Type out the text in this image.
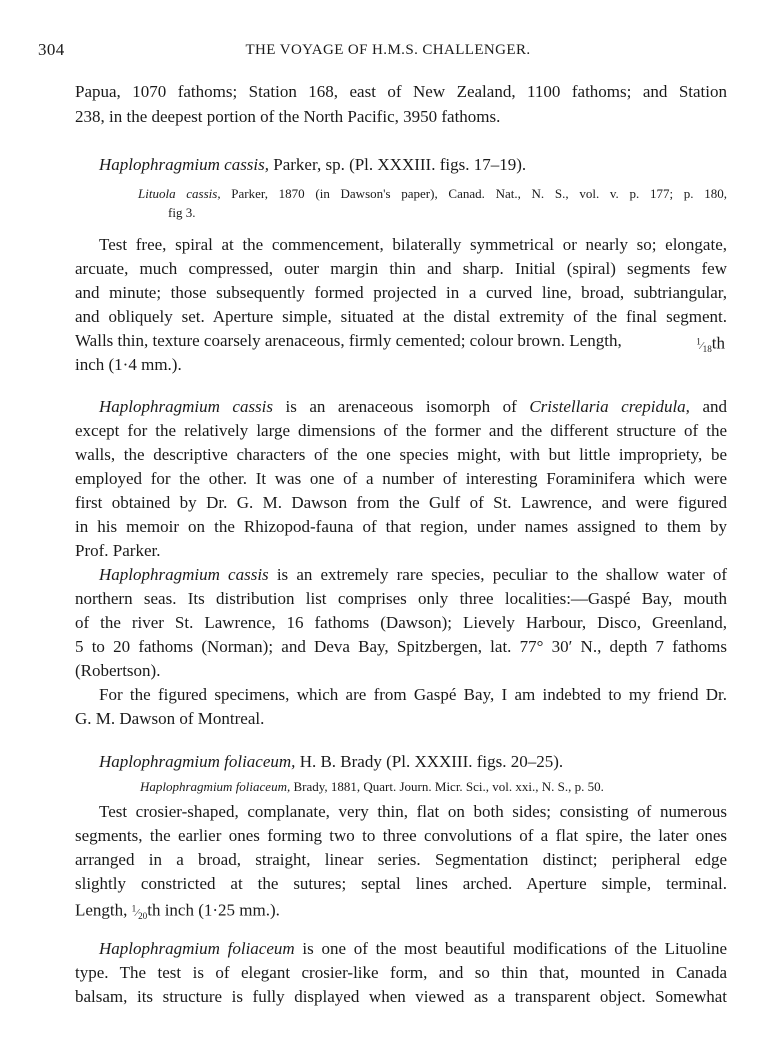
304	THE VOYAGE OF H.M.S. CHALLENGER.
Papua, 1070 fathoms; Station 168, east of New Zealand, 1100 fathoms; and Station
238, in the deepest portion of the North Pacific, 3950 fathoms.
Haplophragmium cassis, Parker, sp. (Pl. XXXIII. figs. 17–19).
Lituola cassis, Parker, 1870 (in Dawson's paper), Canad. Nat., N. S., vol. v. p. 177; p. 180,
fig 3.
Test free, spiral at the commencement, bilaterally symmetrical or nearly so; elongate,
arcuate, much compressed, outer margin thin and sharp. Initial (spiral) segments few
and minute; those subsequently formed projected in a curved line, broad, subtriangular,
and obliquely set. Aperture simple, situated at the distal extremity of the final segment.
Walls thin, texture coarsely arenaceous, firmly cemented; colour brown. Length,	$^1⁄_{18}th$
inch (1·4 mm.).
Haplophragmium cassis is an arenaceous isomorph of Cristellaria crepidula, and
except for the relatively large dimensions of the former and the different structure of the
walls, the descriptive characters of the one species might, with but little impropriety, be
employed for the other. It was one of a number of interesting Foraminifera which were
first obtained by Dr. G. M. Dawson from the Gulf of St. Lawrence, and were figured
in his memoir on the Rhizopod-fauna of that region, under names assigned to them by
Prof. Parker.
Haplophragmium cassis is an extremely rare species, peculiar to the shallow water of
northern seas. Its distribution list comprises only three localities:—Gaspé Bay, mouth
of the river St. Lawrence, 16 fathoms (Dawson); Lievely Harbour, Disco, Greenland,
5 to 20 fathoms (Norman); and Deva Bay, Spitzbergen, lat. 77° 30′ N., depth 7 fathoms
(Robertson).
For the figured specimens, which are from Gaspé Bay, I am indebted to my friend Dr.
G. M. Dawson of Montreal.
Haplophragmium foliaceum, H. B. Brady (Pl. XXXIII. figs. 20–25).
Haplophragmium foliaceum, Brady, 1881, Quart. Journ. Micr. Sci., vol. xxi., N. S., p. 50.
Test crosier-shaped, complanate, very thin, flat on both sides; consisting of numerous
segments, the earlier ones forming two to three convolutions of a flat spire, the later ones
arranged in a broad, straight, linear series. Segmentation distinct; peripheral edge
slightly constricted at the sutures; septal lines arched. Aperture simple, terminal.
Length, $^1⁄_{20}th$ inch (1·25 mm.).
Haplophragmium foliaceum is one of the most beautiful modifications of the Lituoline
type. The test is of elegant crosier-like form, and so thin that, mounted in Canada
balsam, its structure is fully displayed when viewed as a transparent object. Somewhat
